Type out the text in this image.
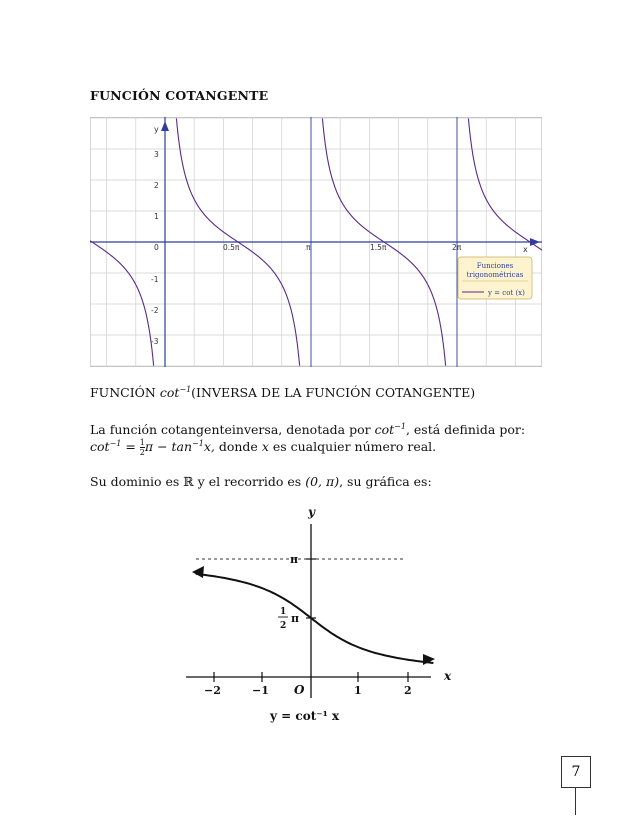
FUNCIÓN COTANGENTE
y
x
3
2
1
0
-1
-2
-3
0.5π	π	1.5π	2π
Funciones
trigonométricas
y = cot (x)
FUNCIÓN $\cot^{-1}(INVERSA$ DE LA FUNCIÓN COTANGENTE)
La función cotangenteinversa, denotada por $\cot^{-1}$, está definida por:
$\cot^{-1} = \frac{1}{2}$ $\pi - \tan^{-1}x$, donde x es cualquier número real.
Su dominio es ℝ y el recorrido es (0, π), su gráfica es:
y
x
π
1
2
π
O
−2	−1	1	2
y = cot⁻¹ x
7
